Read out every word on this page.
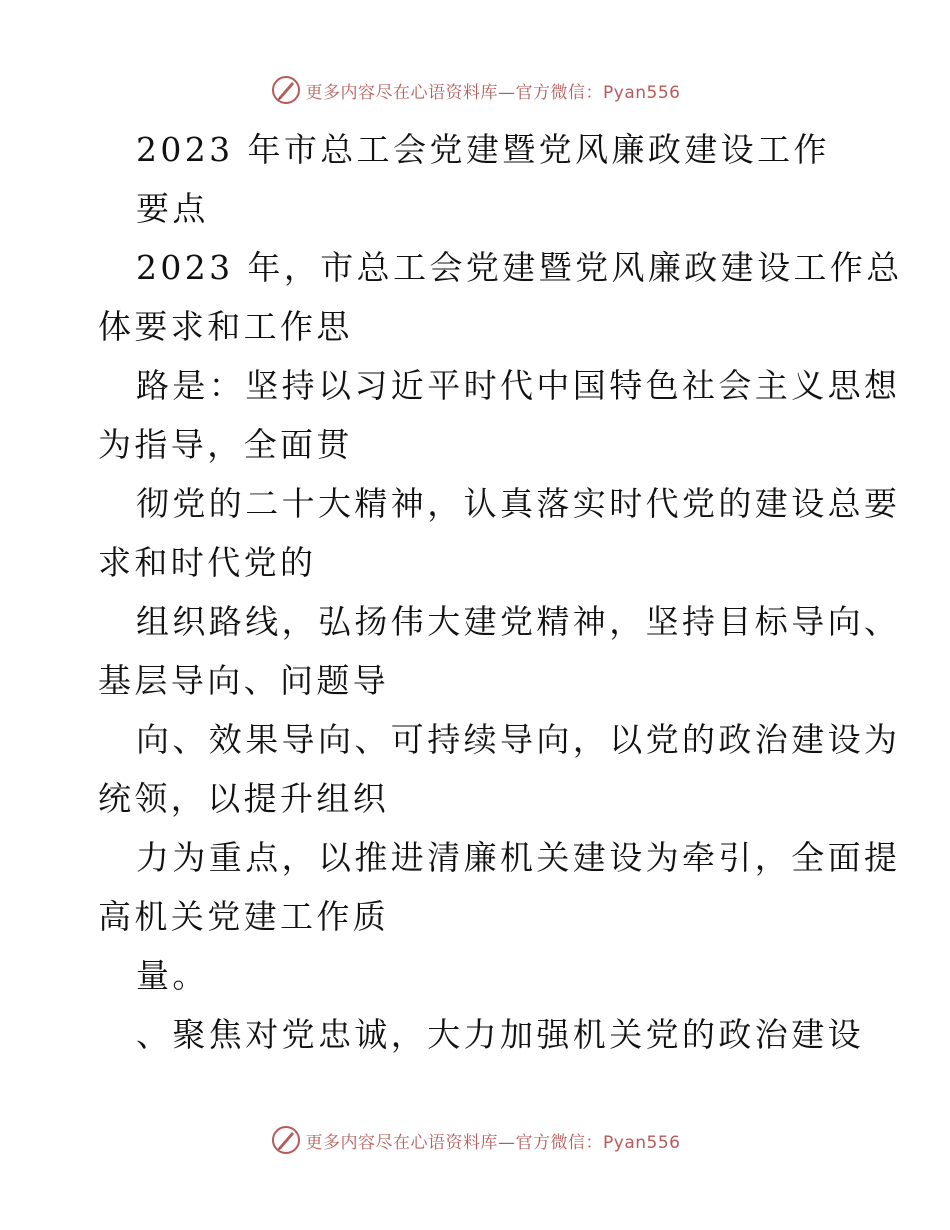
更多内容尽在心语资料库—官方微信：Pyan556
2023 年市总工会党建暨党风廉政建设工作
要点
2023 年，市总工会党建暨党风廉政建设工作总
体要求和工作思
路是：坚持以习近平时代中国特色社会主义思想
为指导，全面贯
彻党的二十大精神，认真落实时代党的建设总要
求和时代党的
组织路线，弘扬伟大建党精神，坚持目标导向、
基层导向、问题导
向、效果导向、可持续导向，以党的政治建设为
统领，以提升组织
力为重点，以推进清廉机关建设为牵引，全面提
高机关党建工作质
量。
、聚焦对党忠诚，大力加强机关党的政治建设
更多内容尽在心语资料库—官方微信：Pyan556
